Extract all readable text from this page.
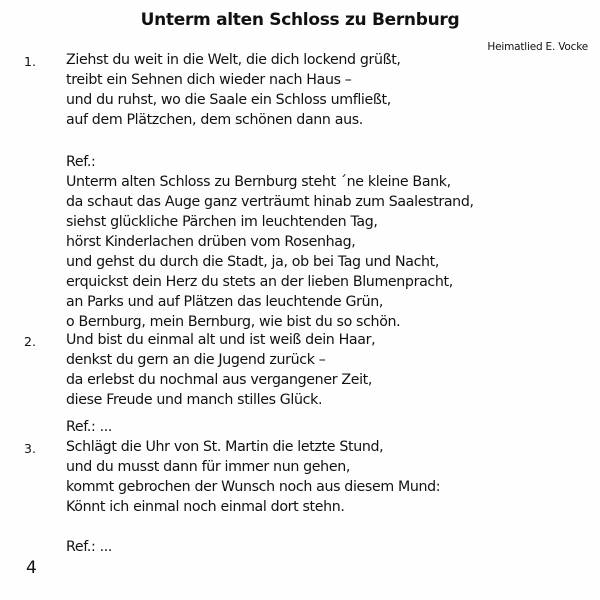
Unterm alten Schloss zu Bernburg
Heimatlied E. Vocke
1. Ziehst du weit in die Welt, die dich lockend grüßt,
treibt ein Sehnen dich wieder nach Haus –
und du ruhst, wo die Saale ein Schloss umfließt,
auf dem Plätzchen, dem schönen dann aus.
Ref.:
Unterm alten Schloss zu Bernburg steht ´ne kleine Bank,
da schaut das Auge ganz verträumt hinab zum Saalestrand,
siehst glückliche Pärchen im leuchtenden Tag,
hörst Kinderlachen drüben vom Rosenhag,
und gehst du durch die Stadt, ja, ob bei Tag und Nacht,
erquickst dein Herz du stets an der lieben Blumenpracht,
an Parks und auf Plätzen das leuchtende Grün,
o Bernburg, mein Bernburg, wie bist du so schön.
2. Und bist du einmal alt und ist weiß dein Haar,
denkst du gern an die Jugend zurück –
da erlebst du nochmal aus vergangener Zeit,
diese Freude und manch stilles Glück.
Ref.: ...
3. Schlägt die Uhr von St. Martin die letzte Stund,
und du musst dann für immer nun gehen,
kommt gebrochen der Wunsch noch aus diesem Mund:
Könnt ich einmal noch einmal dort stehn.
Ref.: ...
4
